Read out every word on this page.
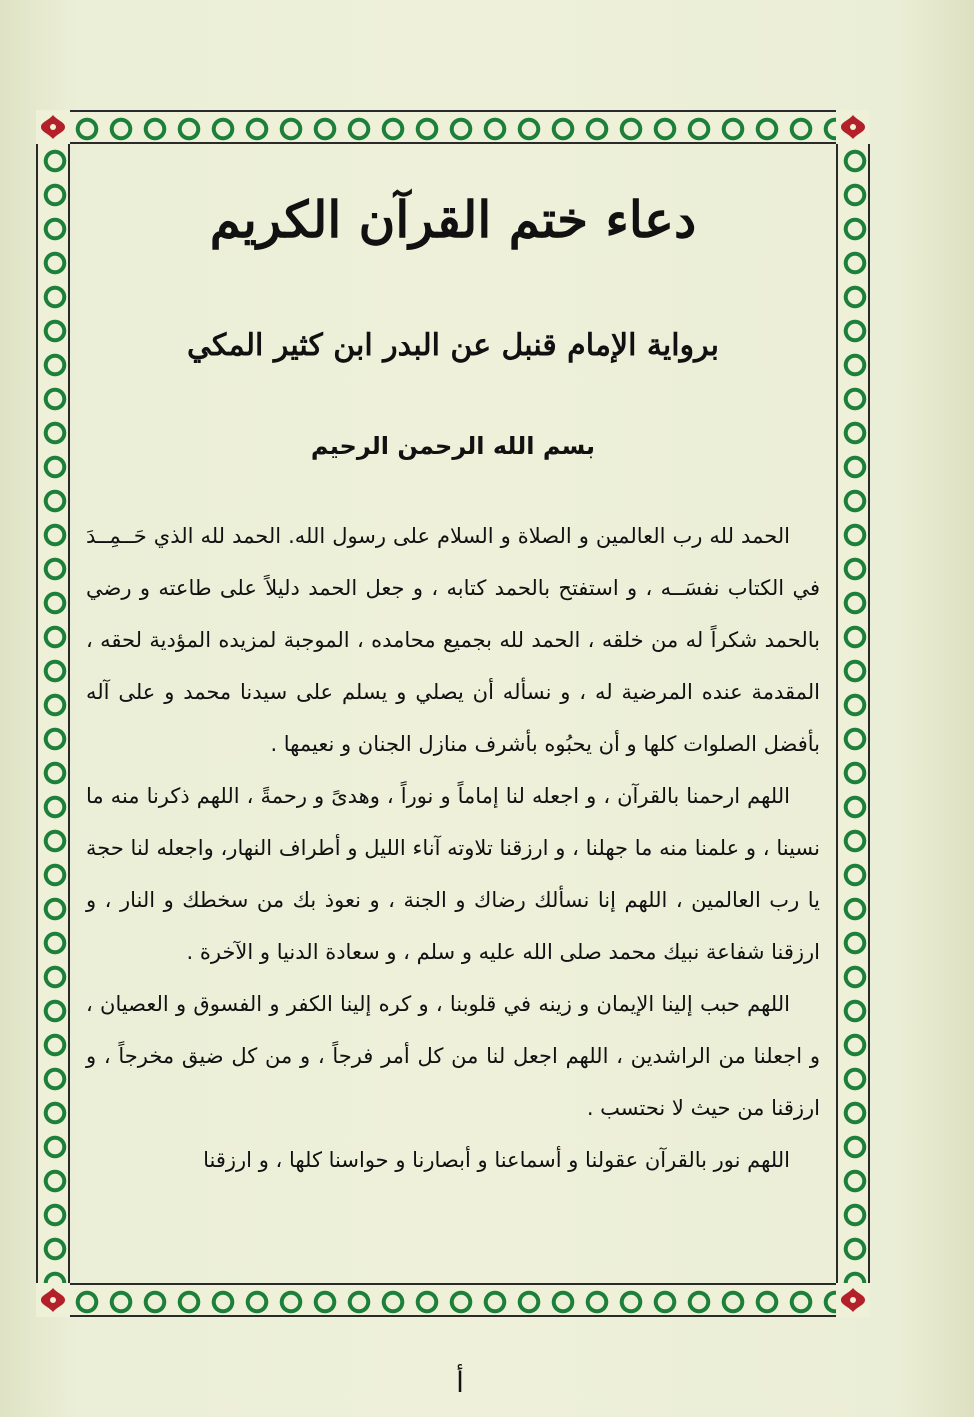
دعاء ختم القرآن الكريم
برواية الإمام قنبل عن البدر ابن كثير المكي
بسم الله الرحمن الرحيم

الحمد لله رب العالمين و الصلاة و السلام على رسول الله. الحمد لله الذي حَــمِــدَ في الكتاب نفسَــه ، و استفتح بالحمد كتابه ، و جعل الحمد دليلاً على طاعته و رضي بالحمد شكراً له من خلقه ، الحمد لله بجميع محامده ، الموجبة لمزيده المؤدية لحقه ، المقدمة عنده المرضية له ، و نسأله أن يصلي و يسلم على سيدنا محمد و على آله بأفضل الصلوات كلها و أن يحبُوه بأشرف منازل الجنان و نعيمها .

اللهم ارحمنا بالقرآن ، و اجعله لنا إماماً و نوراً ، وهدىً و رحمةً ، اللهم ذكرنا منه ما نسينا ، و علمنا منه ما جهلنا ، و ارزقنا تلاوته آناء الليل و أطراف النهار، واجعله لنا حجة يا رب العالمين ، اللهم إنا نسألك رضاك و الجنة ، و نعوذ بك من سخطك و النار ، و ارزقنا شفاعة نبيك محمد صلى الله عليه و سلم ، و سعادة الدنيا و الآخرة .

اللهم حبب إلينا الإيمان و زينه في قلوبنا ، و كره إلينا الكفر و الفسوق و العصيان ، و اجعلنا من الراشدين ، اللهم اجعل لنا من كل أمر فرجاً ، و من كل ضيق مخرجاً ، و ارزقنا من حيث لا نحتسب .

اللهم نور بالقرآن عقولنا و أسماعنا و أبصارنا و حواسنا كلها ، و ارزقنا

أ
